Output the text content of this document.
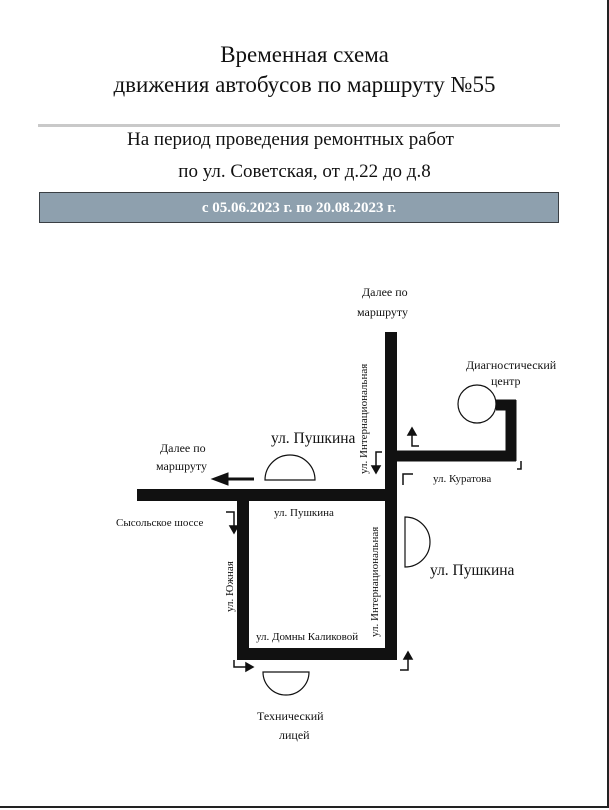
Временная схема
движения автобусов по маршруту №55
На период проведения ремонтных работ
по ул. Советская, от д.22 до д.8
с 05.06.2023 г. по 20.08.2023 г.
Далее по
маршруту
Диагностический
центр
ул. Пушкина
Далее по
маршруту
ул. Куратова
Сысольское шоссе
ул. Пушкина
ул. Пушкина
ул. Интернациональная
ул. Интернациональная
ул. Южная
ул. Домны Каликовой
Технический
лицей
